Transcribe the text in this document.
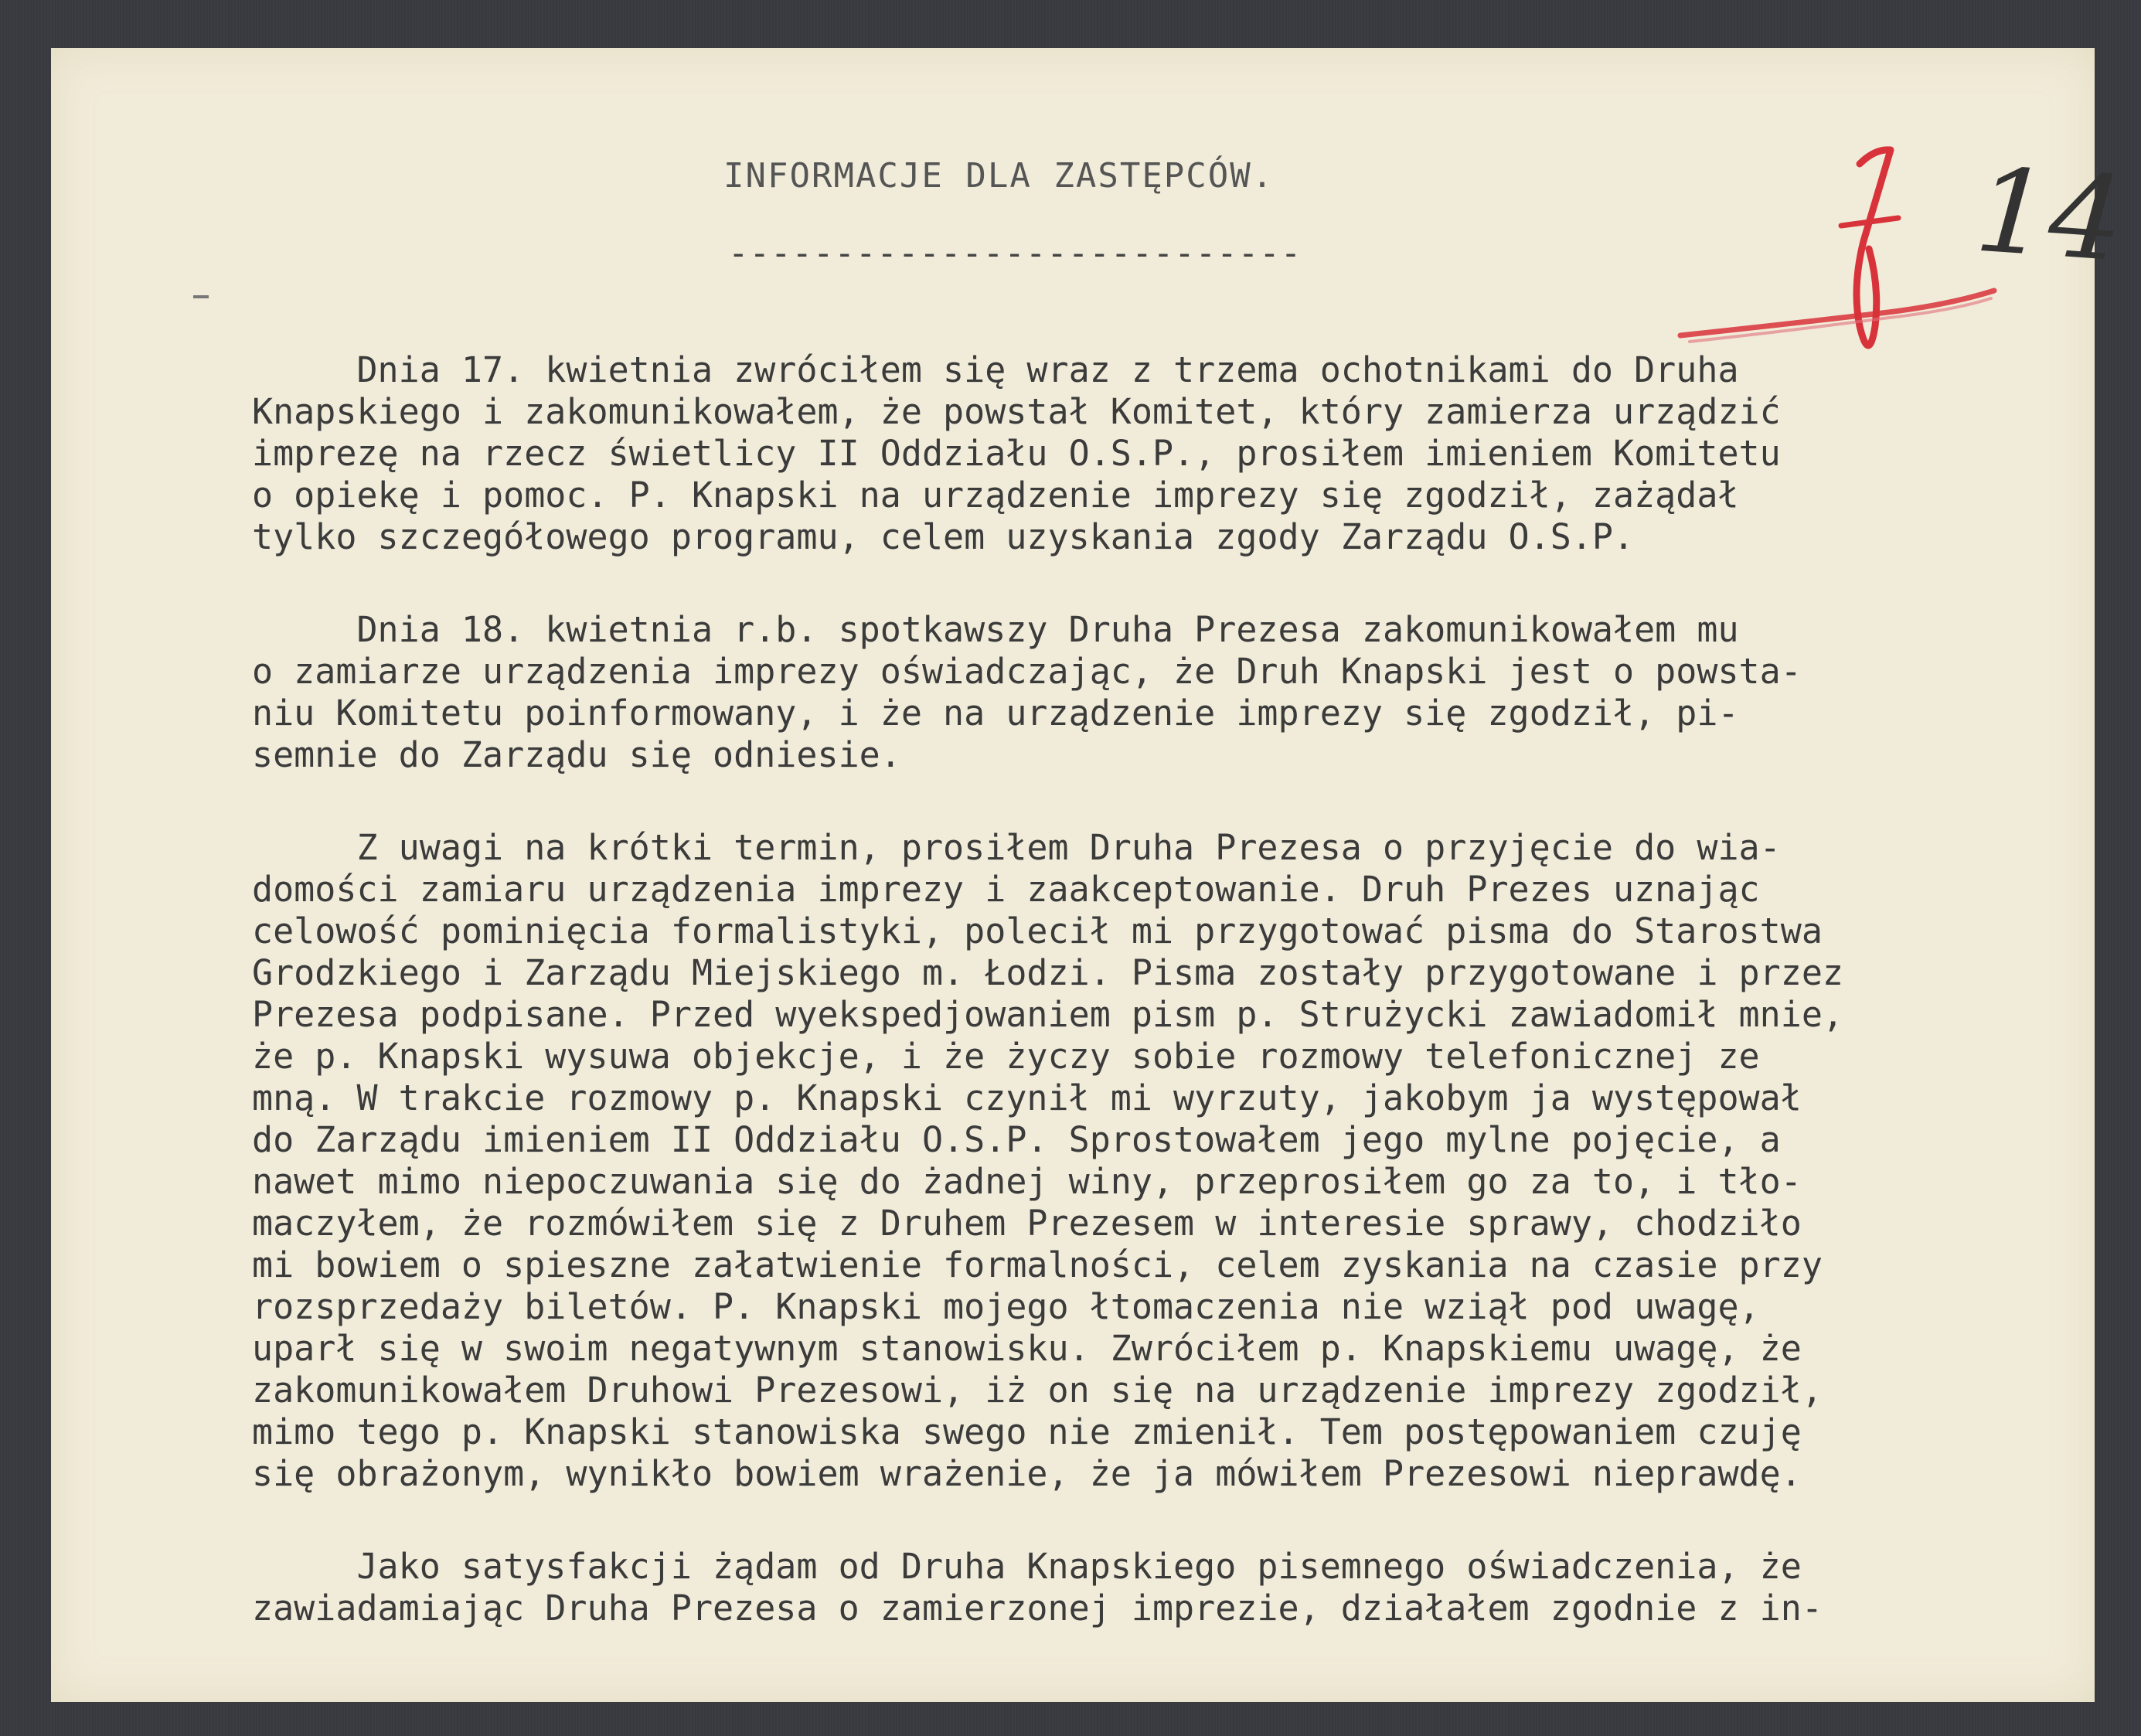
INFORMACJE DLA ZASTĘPCÓW.
---------------------------	14
Dnia 17. kwietnia zwróciłem się wraz z trzema ochotnikami do Druha
Knapskiego i zakomunikowałem, że powstał Komitet, który zamierza urządzić
imprezę na rzecz świetlicy II Oddziału O.S.P., prosiłem imieniem Komitetu
o opiekę i pomoc. P. Knapski na urządzenie imprezy się zgodził, zażądał
tylko szczegółowego programu, celem uzyskania zgody Zarządu O.S.P.
Dnia 18. kwietnia r.b. spotkawszy Druha Prezesa zakomunikowałem mu
o zamiarze urządzenia imprezy oświadczając, że Druh Knapski jest o powsta-
niu Komitetu poinformowany, i że na urządzenie imprezy się zgodził, pi-
semnie do Zarządu się odniesie.
Z uwagi na krótki termin, prosiłem Druha Prezesa o przyjęcie do wia-
domości zamiaru urządzenia imprezy i zaakceptowanie. Druh Prezes uznając
celowość pominięcia formalistyki, polecił mi przygotować pisma do Starostwa
Grodzkiego i Zarządu Miejskiego m. Łodzi. Pisma zostały przygotowane i przez
Prezesa podpisane. Przed wyekspedjowaniem pism p. Strużycki zawiadomił mnie,
że p. Knapski wysuwa objekcje, i że życzy sobie rozmowy telefonicznej ze
mną. W trakcie rozmowy p. Knapski czynił mi wyrzuty, jakobym ja występował
do Zarządu imieniem II Oddziału O.S.P. Sprostowałem jego mylne pojęcie, a
nawet mimo niepoczuwania się do żadnej winy, przeprosiłem go za to, i tło-
maczyłem, że rozmówiłem się z Druhem Prezesem w interesie sprawy, chodziło
mi bowiem o spieszne załatwienie formalności, celem zyskania na czasie przy
rozsprzedaży biletów. P. Knapski mojego łtomaczenia nie wziął pod uwagę,
uparł się w swoim negatywnym stanowisku. Zwróciłem p. Knapskiemu uwagę, że
zakomunikowałem Druhowi Prezesowi, iż on się na urządzenie imprezy zgodził,
mimo tego p. Knapski stanowiska swego nie zmienił. Tem postępowaniem czuję
się obrażonym, wynikło bowiem wrażenie, że ja mówiłem Prezesowi nieprawdę.
Jako satysfakcji żądam od Druha Knapskiego pisemnego oświadczenia, że
zawiadamiając Druha Prezesa o zamierzonej imprezie, działałem zgodnie z in-
